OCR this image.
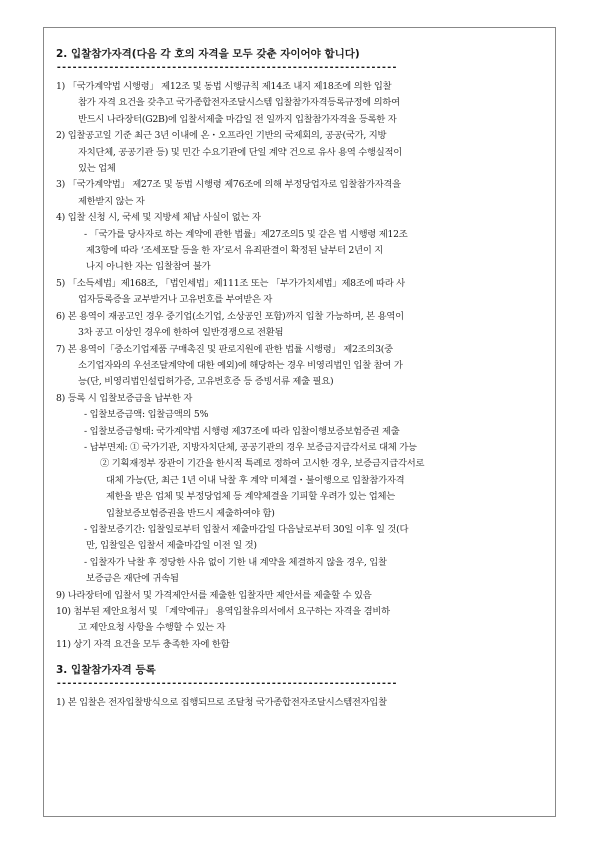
2. 입찰참가자격(다음 각 호의 자격을 모두 갖춘 자이어야 합니다)
-----------------------------------------------------------------
1) 「국가계약법 시행령」 제12조 및 동법 시행규칙 제14조 내지 제18조에 의한 입찰
참가 자격 요건을 갖추고 국가종합전자조달시스템 입찰참가자격등록규정에 의하여
반드시 나라장터(G2B)에 입찰서제출 마감일 전 일까지 입찰참가자격을 등록한 자
2) 입찰공고일 기준 최근 3년 이내에 온・오프라인 기반의 국제회의, 공공(국가, 지방
자치단체, 공공기관 등) 및 민간 수요기관에 단일 계약 건으로 유사 용역 수행실적이
있는 업체
3) 「국가계약법」 제27조 및 동법 시행령 제76조에 의해 부정당업자로 입찰참가자격을
제한받지 않는 자
4) 입찰 신청 시, 국세 및 지방세 체납 사실이 없는 자
- 「국가를 당사자로 하는 계약에 관한 법률」제27조의5 및 같은 법 시행령 제12조
제3항에 따라 ‘조세포탈 등을 한 자’로서 유죄판결이 확정된 날부터 2년이 지
나지 아니한 자는 입찰참여 불가
5) 「소득세법」제168조, 「법인세법」제111조 또는 「부가가치세법」제8조에 따라 사
업자등록증을 교부받거나 고유번호를 부여받은 자
6) 본 용역이 재공고인 경우 중기업(소기업, 소상공인 포함)까지 입찰 가능하며, 본 용역이
3차 공고 이상인 경우에 한하여 일반경쟁으로 전환됨
7) 본 용역이「중소기업제품 구매촉진 및 판로지원에 관한 법률 시행령」 제2조의3(중
소기업자와의 우선조달계약에 대한 예외)에 해당하는 경우 비영리법인 입찰 참여 가
능(단, 비영리법인설립허가증, 고유번호증 등 증빙서류 제출 필요)
8) 등록 시 입찰보증금을 납부한 자
- 입찰보증금액: 입찰금액의 5%
- 입찰보증금형태: 국가계약법 시행령 제37조에 따라 입찰이행보증보험증권 제출
- 납부면제: ① 국가기관, 지방자치단체, 공공기관의 경우 보증금지급각서로 대체 가능
② 기획재정부 장관이 기간을 한시적 특례로 정하여 고시한 경우, 보증금지급각서로
대체 가능(단, 최근 1년 이내 낙찰 후 계약 미체결・불이행으로 입찰참가자격
제한을 받은 업체 및 부정당업체 등 계약체결을 기피할 우려가 있는 업체는
입찰보증보험증권을 반드시 제출하여야 함)
- 입찰보증기간: 입찰일로부터 입찰서 제출마감일 다음날로부터 30일 이후 일 것(다
만, 입찰일은 입찰서 제출마감일 이전 일 것)
- 입찰자가 낙찰 후 정당한 사유 없이 기한 내 계약을 체결하지 않을 경우, 입찰
보증금은 재단에 귀속됨
9) 나라장터에 입찰서 및 가격제안서를 제출한 입찰자만 제안서를 제출할 수 있음
10) 첨부된 제안요청서 및 「계약예규」 용역입찰유의서에서 요구하는 자격을 겸비하
고 제안요청 사항을 수행할 수 있는 자
11) 상기 자격 요건을 모두 충족한 자에 한함
3. 입찰참가자격 등록
-----------------------------------------------------------------
1) 본 입찰은 전자입찰방식으로 집행되므로 조달청 국가종합전자조달시스템전자입찰
